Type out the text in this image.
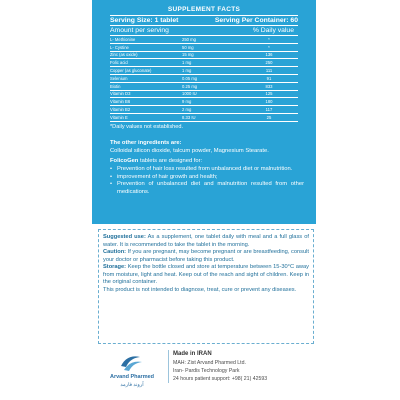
SUPPLEMENT FACTS
Serving Size: 1 tablet	Serving Per Container: 60
Amount per serving	% Daily value
L- Methionine	250 mg	*
L- Cystine	50 mg	*
Zinc (as oxide)	15 mg	136
Folic acid	1 mg	250
Copper (as gluconate)	1 mg	111
Selenium	0.05 mg	91
Biotin	0.25 mg	833
Vitamin D3	1000 IU	125
Vitamin B6	9 mg	180
Vitamin B2	2 mg	117
Vitamin E	8.33 IU	25
*Daily values not established.
The other ingredients are:
Colloidal silicon dioxide, talcum powder, Magnesium Stearate.
FolicoGen tablets are designed for:
• Prevention of hair loss resulted from unbalanced diet or malnutrition.
• improvement of hair growth and health;
• Prevention of unbalanced diet and malnutrition resulted from other medications.

Suggested use: As a supplement, one tablet daily with meal and a full glass of water. It is recommended to take the tablet in the morning.

Caution: If you are pregnant, may become pregnant or are breastfeeding, consult your doctor or pharmacist before taking this product.

Storage: Keep the bottle closed and store at temperature between 15-30°C away from moisture, light and heat. Keep out of the reach and sight of children. Keep in the original container.

This product is not intended to diagnose, treat, cure or prevent any diseases.

Arvand Pharmed
آروند فارمد
Made in IRAN
MAH: Zist Arvand Pharmed Ltd.
Iran- Pardis Technology Park
24 hours patient support: +98( 21) 42593
